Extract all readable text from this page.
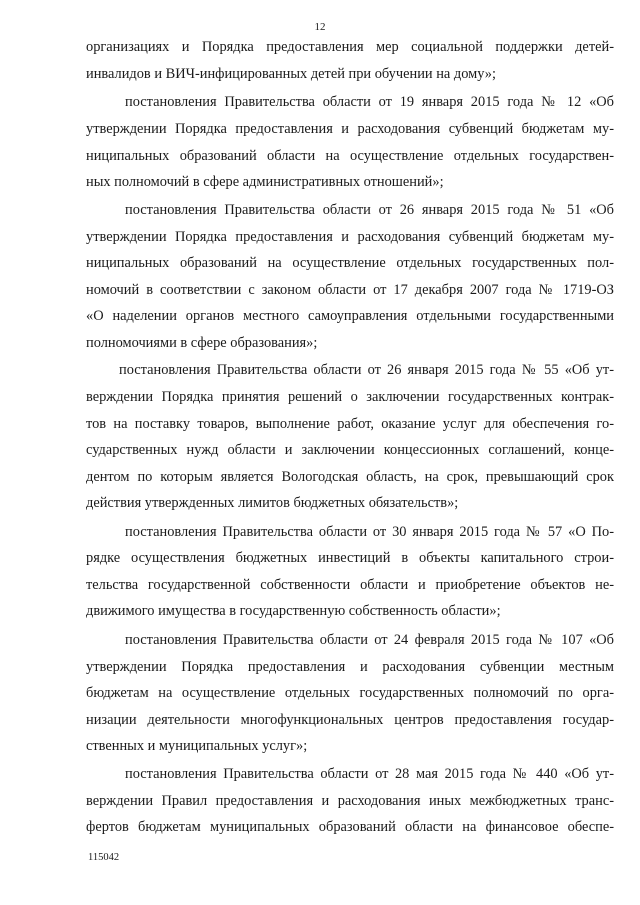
12
организациях и Порядка предоставления мер социальной поддержки детей-
инвалидов и ВИЧ-инфицированных детей при обучении на дому»;
постановления Правительства области от 19 января 2015 года № 12 «Об
утверждении Порядка предоставления и расходования субвенций бюджетам му-
ниципальных образований области на осуществление отдельных государствен-
ных полномочий в сфере административных отношений»;
постановления Правительства области от 26 января 2015 года № 51 «Об
утверждении Порядка предоставления и расходования субвенций бюджетам му-
ниципальных образований на осуществление отдельных государственных пол-
номочий в соответствии с законом области от 17 декабря 2007 года № 1719-ОЗ
«О наделении органов местного самоуправления отдельными государственными
полномочиями в сфере образования»;
постановления Правительства области от 26 января 2015 года № 55 «Об ут-
верждении Порядка принятия решений о заключении государственных контрак-
тов на поставку товаров, выполнение работ, оказание услуг для обеспечения го-
сударственных нужд области и заключении концессионных соглашений, конце-
дентом по которым является Вологодская область, на срок, превышающий срок
действия утвержденных лимитов бюджетных обязательств»;
постановления Правительства области от 30 января 2015 года № 57 «О По-
рядке осуществления бюджетных инвестиций в объекты капитального строи-
тельства государственной собственности области и приобретение объектов не-
движимого имущества в государственную собственность области»;
постановления Правительства области от 24 февраля 2015 года № 107 «Об
утверждении Порядка предоставления и расходования субвенции местным
бюджетам на осуществление отдельных государственных полномочий по орга-
низации деятельности многофункциональных центров предоставления государ-
ственных и муниципальных услуг»;
постановления Правительства области от 28 мая 2015 года № 440 «Об ут-
верждении Правил предоставления и расходования иных межбюджетных транс-
фертов бюджетам муниципальных образований области на финансовое обеспе-
115042
